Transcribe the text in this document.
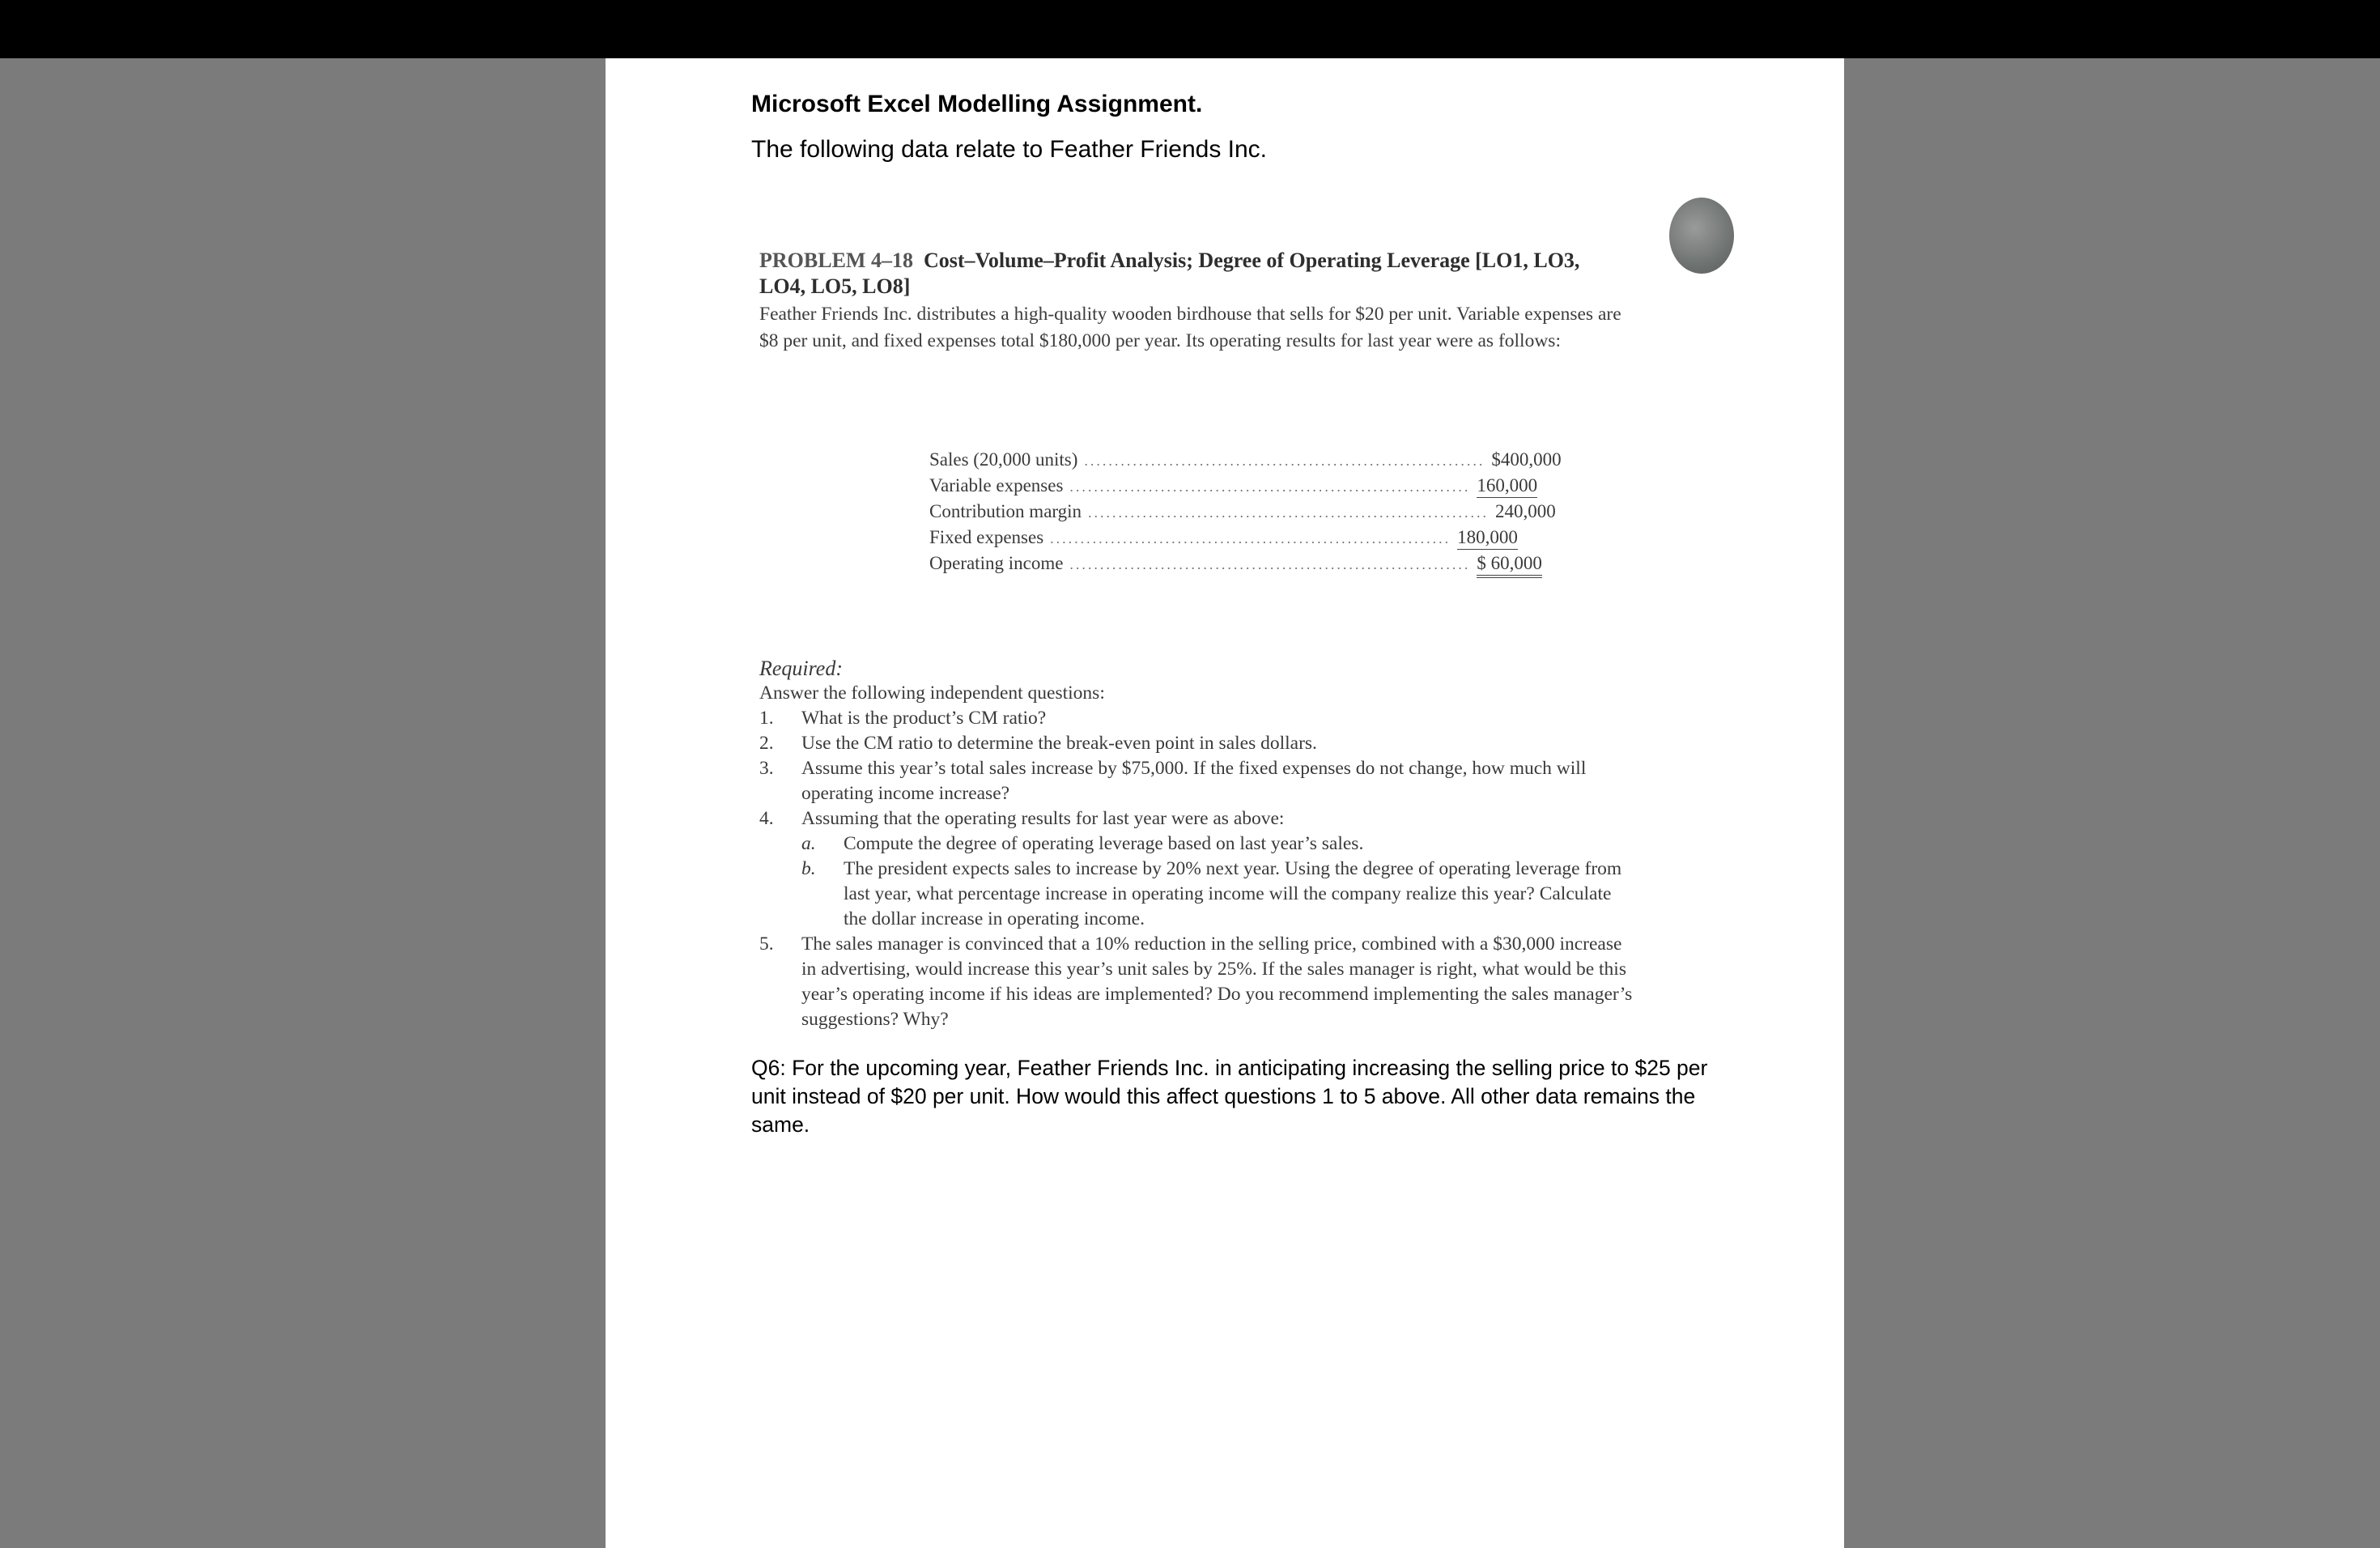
Microsoft Excel Modelling Assignment.
The following data relate to Feather Friends Inc.
PROBLEM 4–18 Cost–Volume–Profit Analysis; Degree of Operating Leverage [LO1, LO3, LO4, LO5, LO8]
Feather Friends Inc. distributes a high-quality wooden birdhouse that sells for $20 per unit. Variable expenses are $8 per unit, and fixed expenses total $180,000 per year. Its operating results for last year were as follows:
Sales (20,000 units) .................................................................. $400,000
Variable expenses .................................................................. 160,000
Contribution margin .................................................................. 240,000
Fixed expenses .................................................................. 180,000
Operating income .................................................................. $ 60,000
Required:
Answer the following independent questions:
1.	What is the product’s CM ratio?
2.	Use the CM ratio to determine the break-even point in sales dollars.
3.	Assume this year’s total sales increase by $75,000. If the fixed expenses do not change, how much will operating income increase?
4.	Assuming that the operating results for last year were as above:
a.	Compute the degree of operating leverage based on last year’s sales.
b.	The president expects sales to increase by 20% next year. Using the degree of operating leverage from last year, what percentage increase in operating income will the company realize this year? Calculate the dollar increase in operating income.
5.	The sales manager is convinced that a 10% reduction in the selling price, combined with a $30,000 increase in advertising, would increase this year’s unit sales by 25%. If the sales manager is right, what would be this year’s operating income if his ideas are implemented? Do you recommend implementing the sales manager’s suggestions? Why?
Q6: For the upcoming year, Feather Friends Inc. in anticipating increasing the selling price to $25 per unit instead of $20 per unit. How would this affect questions 1 to 5 above. All other data remains the same.
